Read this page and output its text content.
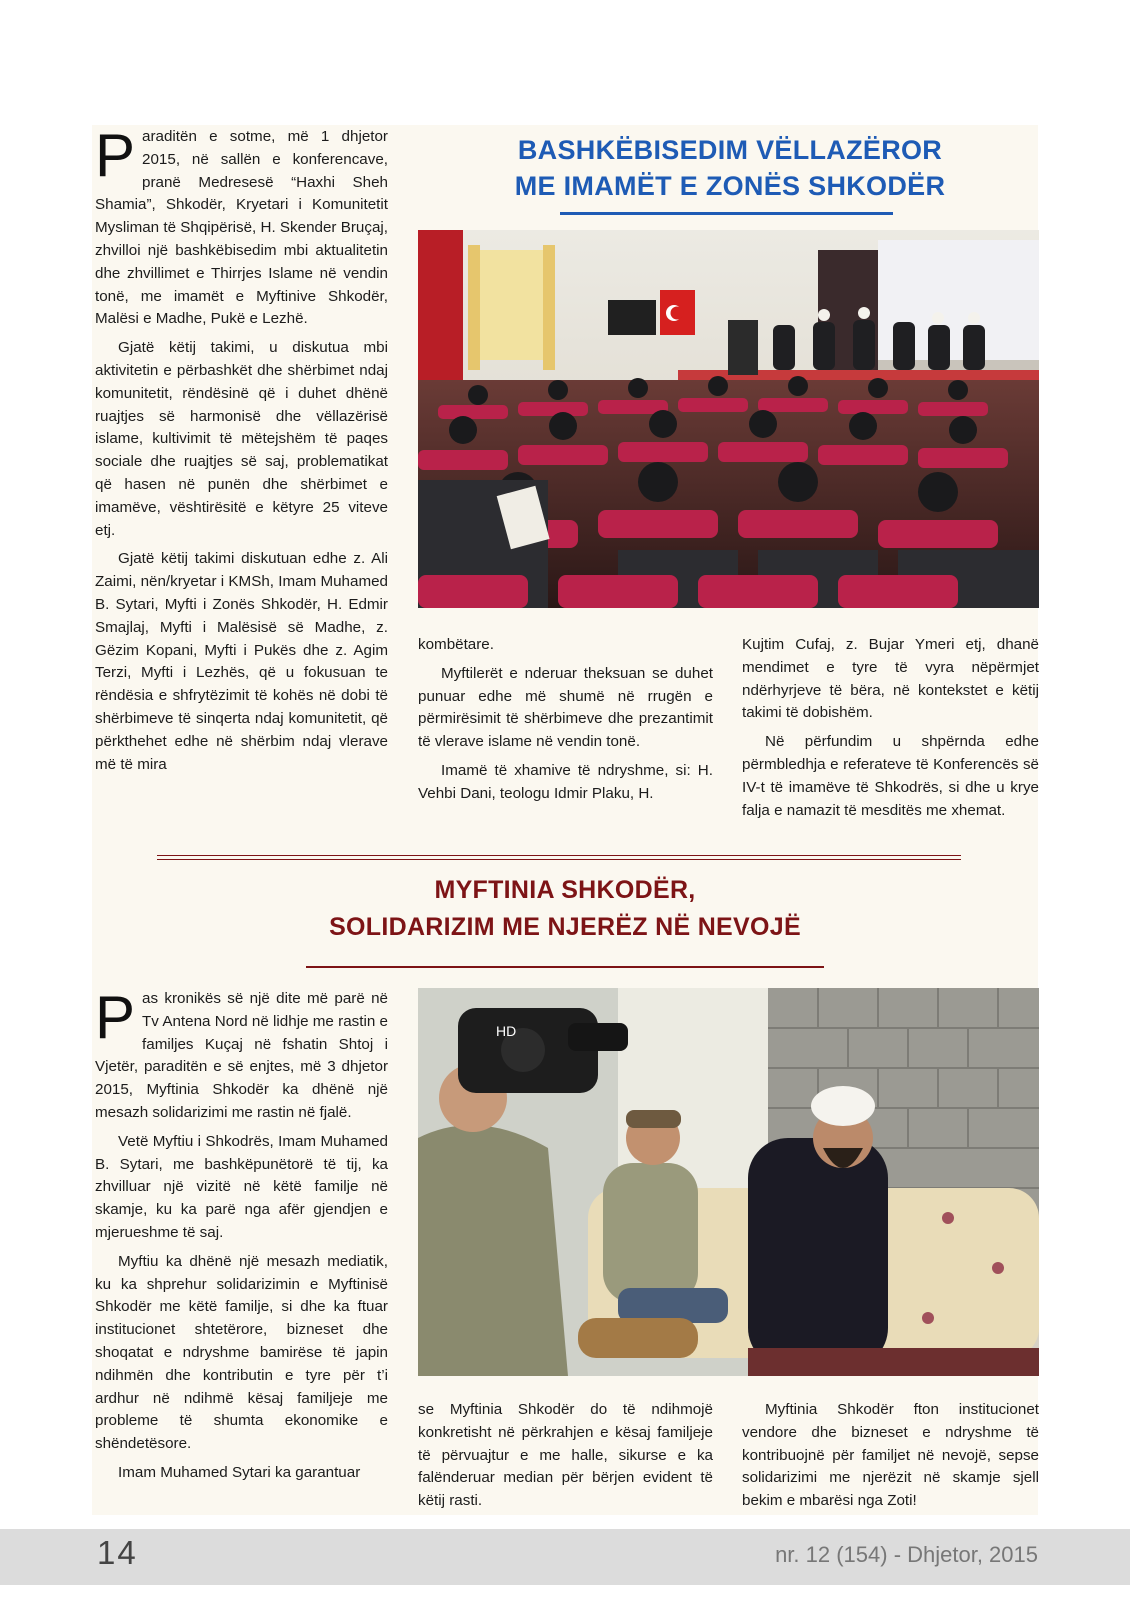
BASHKËBISEDIM VËLLAZËROR
ME IMAMËT E ZONËS SHKODËR

Paraditën e sotme, më 1 dhjetor 2015, në sallën e konferencave, pranë Medresesë “Haxhi Sheh Shamia”, Shkodër, Kryetari i Komunitetit Mysliman të Shqipërisë, H. Skender Bruçaj, zhvilloi një bashkëbisedim mbi aktualitetin dhe zhvillimet e Thirrjes Islame në vendin tonë, me imamët e Myftinive Shkodër, Malësi e Madhe, Pukë e Lezhë.

Gjatë këtij takimi, u diskutua mbi aktivitetin e përbashkët dhe shërbimet ndaj komunitetit, rëndësinë që i duhet dhënë ruajtjes së harmonisë dhe vëllazërisë islame, kultivimit të mëtejshëm të paqes sociale dhe ruajtjes së saj, problematikat që hasen në punën dhe shërbimet e imamëve, vështirësitë e këtyre 25 viteve etj.

Gjatë këtij takimi diskutuan edhe z. Ali Zaimi, nën/kryetar i KMSh, Imam Muhamed B. Sytari, Myfti i Zonës Shkodër, H. Edmir Smajlaj, Myfti i Malësisë së Madhe, z. Gëzim Kopani, Myfti i Pukës dhe z. Agim Terzi, Myfti i Lezhës, që u fokusuan te rëndësia e shfrytëzimit të kohës në dobi të shërbimeve të sinqerta ndaj komunitetit, që përkthehet edhe në shërbim ndaj vlerave më të mira

kombëtare.

Myftilerët e nderuar theksuan se duhet punuar edhe më shumë në rrugën e përmirësimit të shërbimeve dhe prezantimit të vlerave islame në vendin tonë.

Imamë të xhamive të ndryshme, si: H. Vehbi Dani, teologu Idmir Plaku, H.

Kujtim Cufaj, z. Bujar Ymeri etj, dhanë mendimet e tyre të vyra nëpërmjet ndërhyrjeve të bëra, në kontekstet e këtij takimi të dobishëm.

Në përfundim u shpërnda edhe përmbledhja e referateve të Konferencës së IV-t të imamëve të Shkodrës, si dhe u krye falja e namazit të mesditës me xhemat.

MYFTINIA SHKODËR,
SOLIDARIZIM ME NJERËZ NË NEVOJË
HD

Pas kronikës së një dite më parë në Tv Antena Nord në lidhje me rastin e familjes Kuçaj në fshatin Shtoj i Vjetër, paraditën e së enjtes, më 3 dhjetor 2015, Myftinia Shkodër ka dhënë një mesazh solidarizimi me rastin në fjalë.

Vetë Myftiu i Shkodrës, Imam Muhamed B. Sytari, me bashkëpunëtorë të tij, ka zhvilluar një vizitë në këtë familje në skamje, ku ka parë nga afër gjendjen e mjerueshme të saj.

Myftiu ka dhënë një mesazh mediatik, ku ka shprehur solidarizimin e Myftinisë Shkodër me këtë familje, si dhe ka ftuar institucionet shtetërore, bizneset dhe shoqatat e ndryshme bamirëse të japin ndihmën dhe kontributin e tyre për t’i ardhur në ndihmë kësaj familjeje me probleme të shumta ekonomike e shëndetësore.

Imam Muhamed Sytari ka garantuar

se Myftinia Shkodër do të ndihmojë konkretisht në përkrahjen e kësaj familjeje të përvuajtur e me halle, sikurse e ka falënderuar median për bërjen evident të këtij rasti.

Myftinia Shkodër fton institucionet vendore dhe bizneset e ndryshme të kontribuojnë për familjet në nevojë, sepse solidarizimi me njerëzit në skamje sjell bekim e mbarësi nga Zoti!

14	nr. 12 (154) - Dhjetor, 2015
